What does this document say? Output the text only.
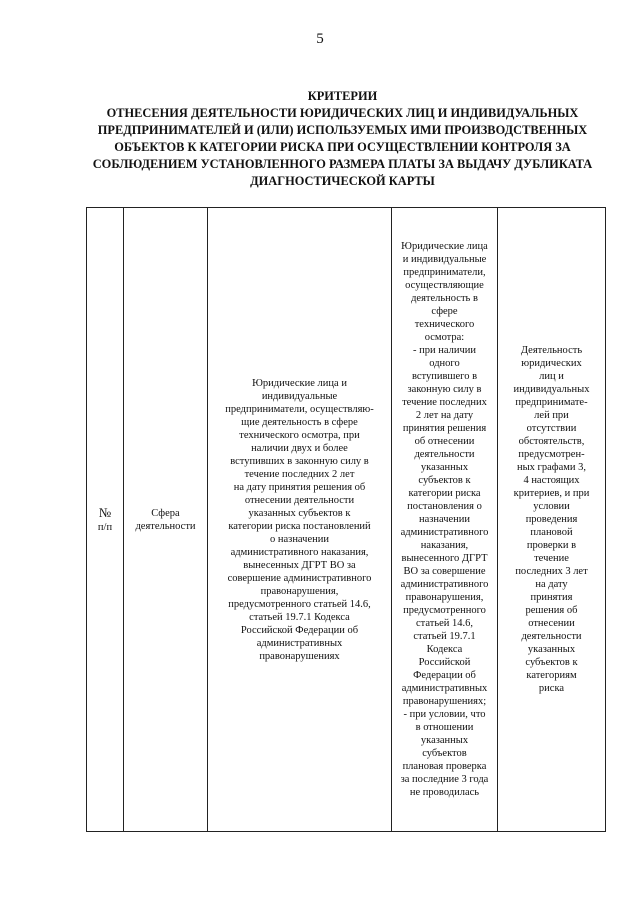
5
КРИТЕРИИ
ОТНЕСЕНИЯ ДЕЯТЕЛЬНОСТИ ЮРИДИЧЕСКИХ ЛИЦ И ИНДИВИДУАЛЬНЫХ
ПРЕДПРИНИМАТЕЛЕЙ И (ИЛИ) ИСПОЛЬЗУЕМЫХ ИМИ ПРОИЗВОДСТВЕННЫХ
ОБЪЕКТОВ К КАТЕГОРИИ РИСКА ПРИ ОСУЩЕСТВЛЕНИИ КОНТРОЛЯ ЗА
СОБЛЮДЕНИЕМ УСТАНОВЛЕННОГО РАЗМЕРА ПЛАТЫ ЗА ВЫДАЧУ ДУБЛИКАТА
ДИАГНОСТИЧЕСКОЙ КАРТЫ
№
п/п

Сфера
деятельности

Юридические лица и
индивидуальные
предприниматели, осуществляю-
щие деятельность в сфере
технического осмотра, при
наличии двух и более
вступивших в законную силу в
течение последних 2 лет
на дату принятия решения об
отнесении деятельности
указанных субъектов к
категории риска постановлений
о назначении
административного наказания,
вынесенных ДГРТ ВО за
совершение административного
правонарушения,
предусмотренного статьей 14.6,
статьей 19.7.1 Кодекса
Российской Федерации об
административных
правонарушениях

Юридические лица
и индивидуальные
предприниматели,
осуществляющие
деятельность в
сфере
технического
осмотра:
- при наличии
одного
вступившего в
законную силу в
течение последних
2 лет на дату
принятия решения
об отнесении
деятельности
указанных
субъектов к
категории риска
постановления о
назначении
административного
наказания,
вынесенного ДГРТ
ВО за совершение
административного
правонарушения,
предусмотренного
статьей 14.6,
статьей 19.7.1
Кодекса
Российской
Федерации об
административных
правонарушениях;
- при условии, что
в отношении
указанных
субъектов
плановая проверка
за последние 3 года
не проводилась

Деятельность
юридических
лиц и
индивидуальных
предпринимате-
лей при
отсутствии
обстоятельств,
предусмотрен-
ных графами 3,
4 настоящих
критериев, и при
условии
проведения
плановой
проверки в
течение
последних 3 лет
на дату
принятия
решения об
отнесении
деятельности
указанных
субъектов к
категориям
риска
